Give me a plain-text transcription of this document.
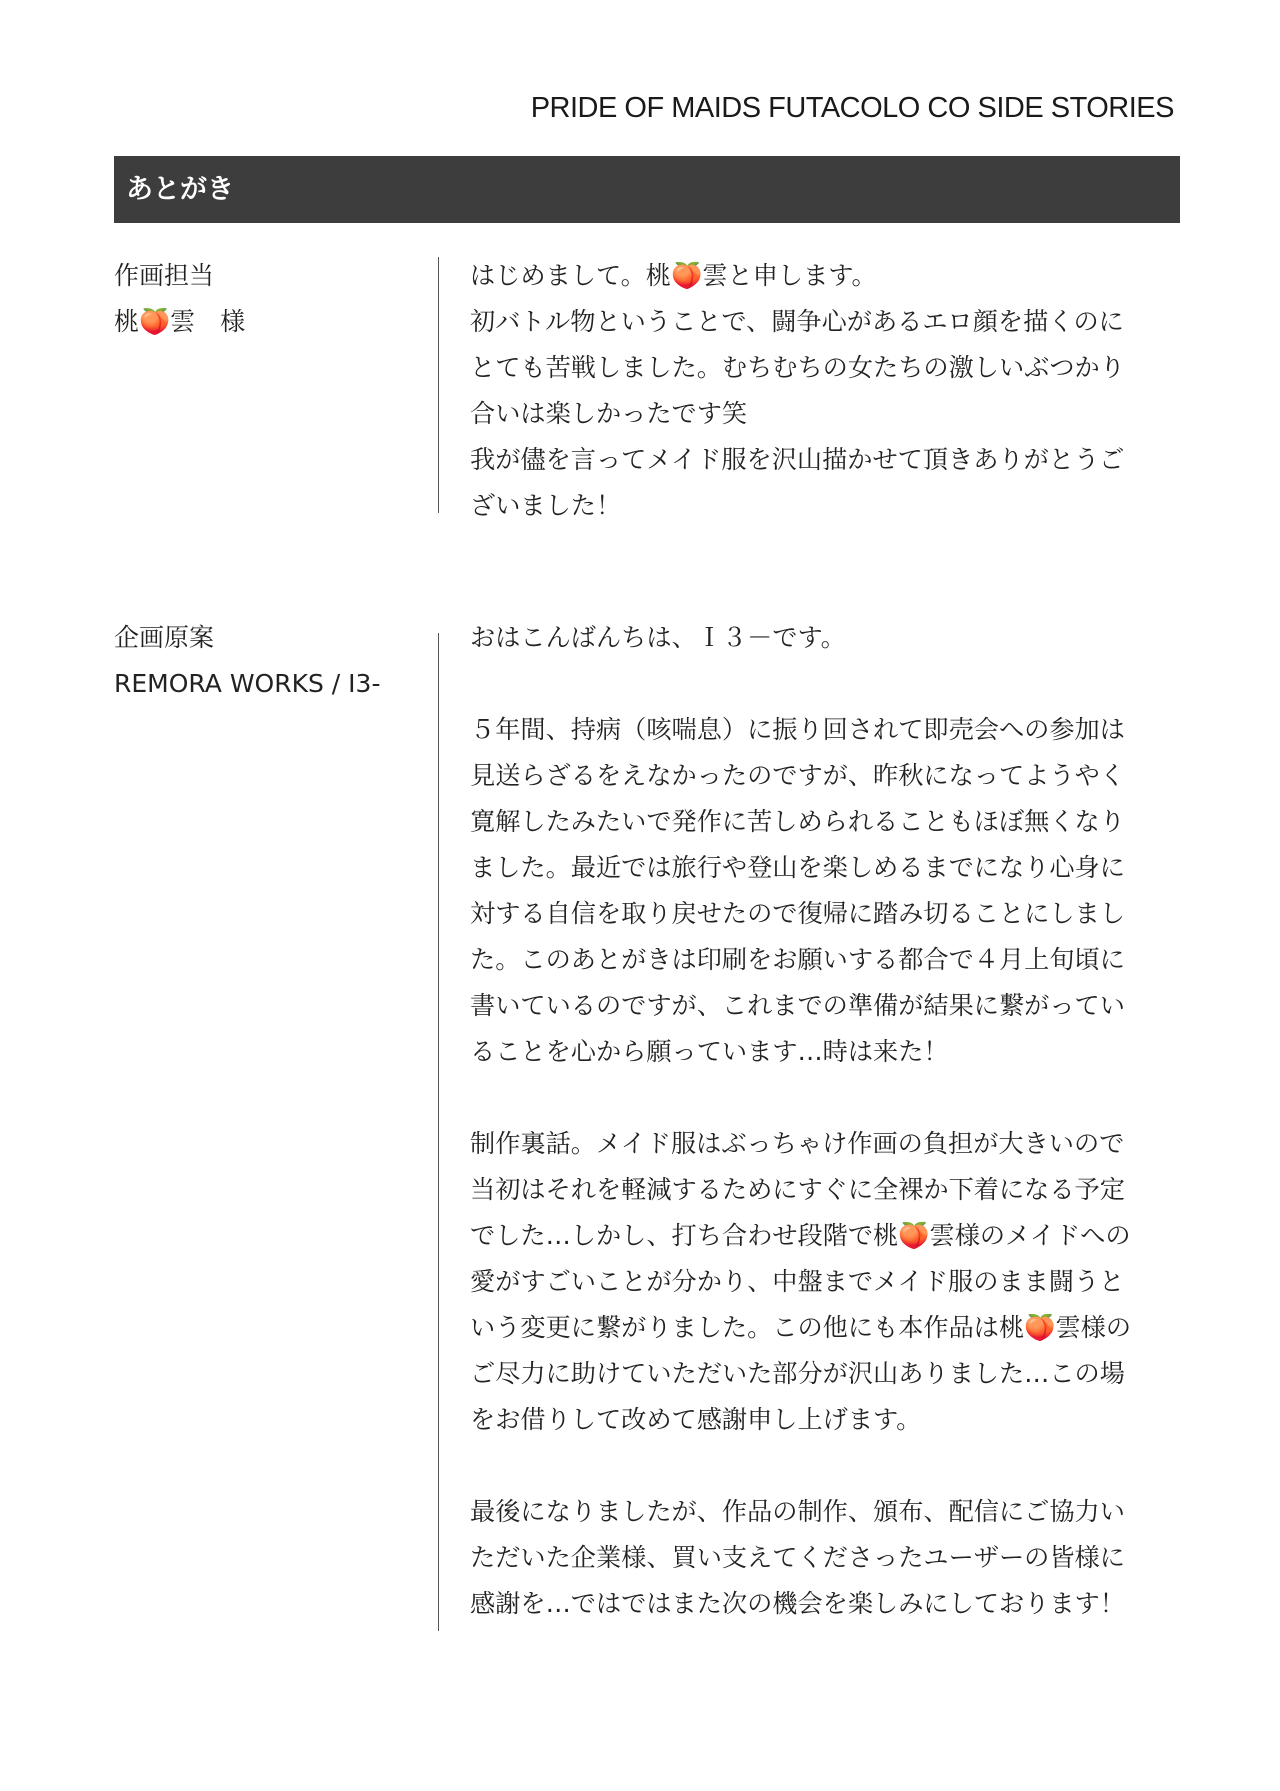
PRIDE OF MAIDS FUTACOLO CO SIDE STORIES
あとがき
作画担当
桃🍑雲　様
はじめまして。桃🍑雲と申します。
初バトル物ということで、闘争心があるエロ顔を描くのに
とても苦戦しました。むちむちの女たちの激しいぶつかり
合いは楽しかったです笑
我が儘を言ってメイド服を沢山描かせて頂きありがとうご
ざいました！
企画原案
REMORA WORKS / I3-
おはこんばんちは、Ｉ３－です。
５年間、持病（咳喘息）に振り回されて即売会への参加は
見送らざるをえなかったのですが、昨秋になってようやく
寛解したみたいで発作に苦しめられることもほぼ無くなり
ました。最近では旅行や登山を楽しめるまでになり心身に
対する自信を取り戻せたので復帰に踏み切ることにしまし
た。このあとがきは印刷をお願いする都合で４月上旬頃に
書いているのですが、これまでの準備が結果に繋がってい
ることを心から願っています…時は来た！
制作裏話。メイド服はぶっちゃけ作画の負担が大きいので
当初はそれを軽減するためにすぐに全裸か下着になる予定
でした…しかし、打ち合わせ段階で桃🍑雲様のメイドへの
愛がすごいことが分かり、中盤までメイド服のまま闘うと
いう変更に繋がりました。この他にも本作品は桃🍑雲様の
ご尽力に助けていただいた部分が沢山ありました…この場
をお借りして改めて感謝申し上げます。
最後になりましたが、作品の制作、頒布、配信にご協力い
ただいた企業様、買い支えてくださったユーザーの皆様に
感謝を…ではではまた次の機会を楽しみにしております！
